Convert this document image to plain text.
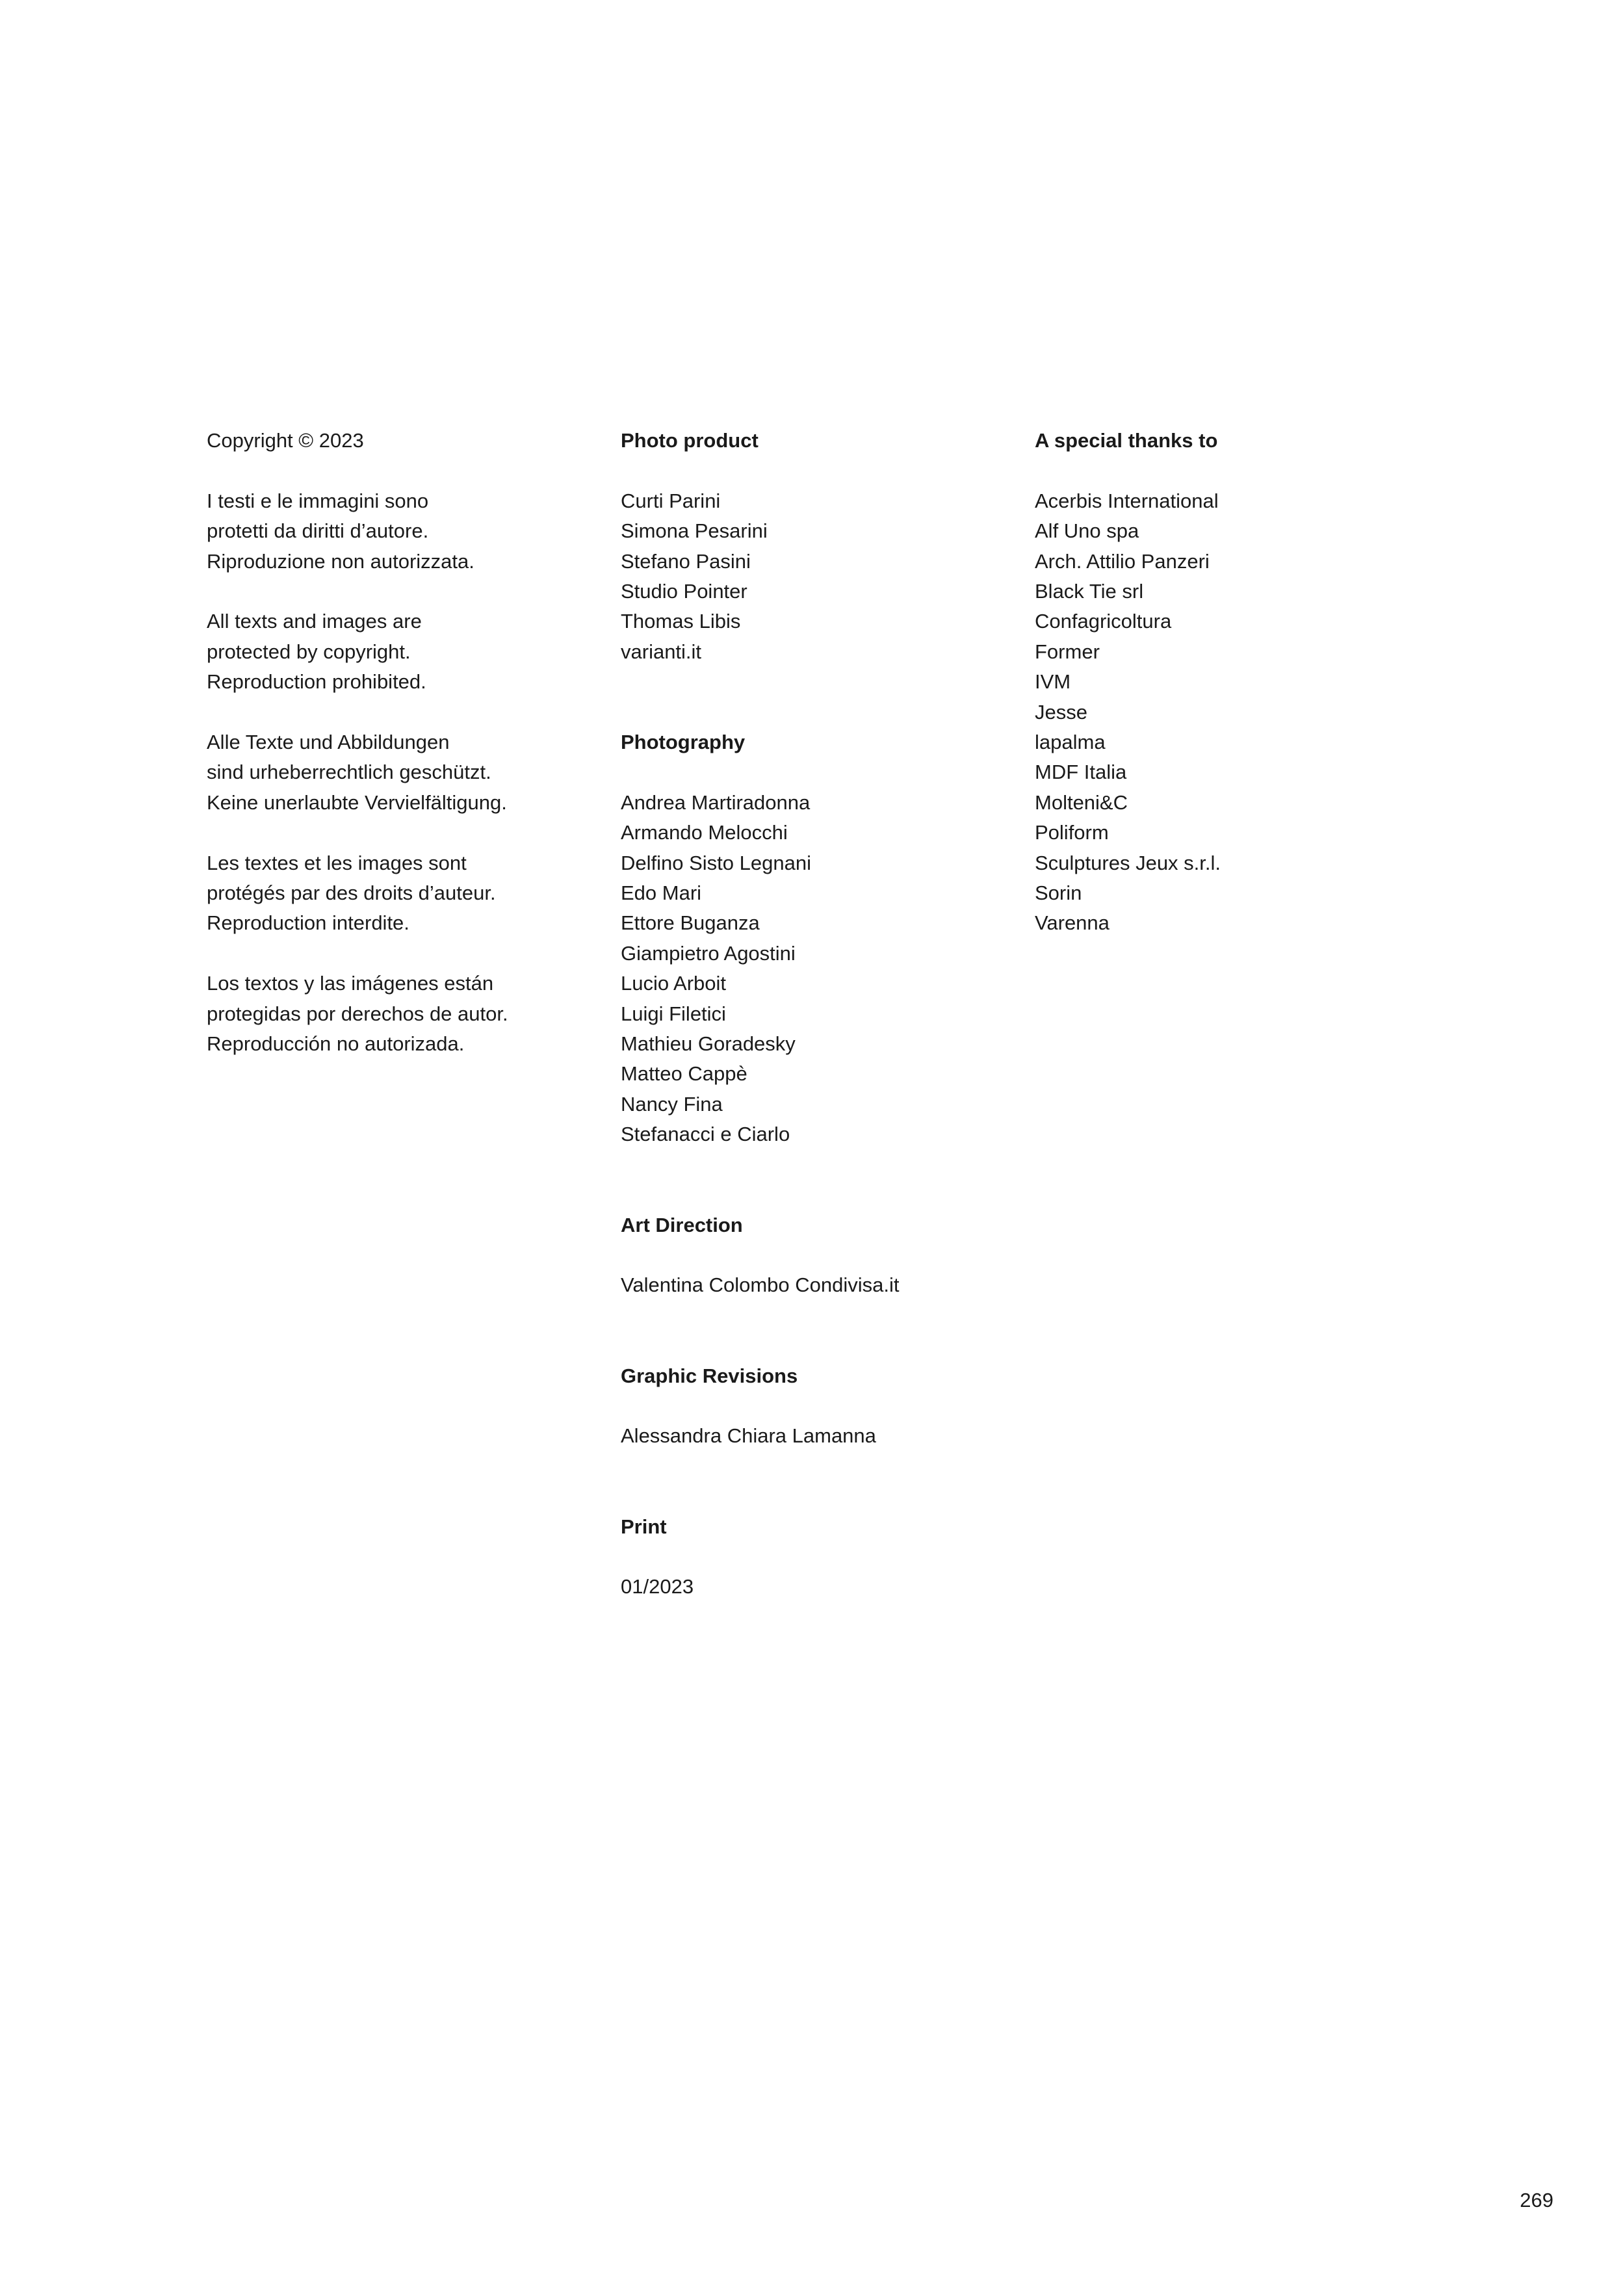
Copyright © 2023

I testi e le immagini sono

protetti da diritti d’autore.

Riproduzione non autorizzata.

All texts and images are

protected by copyright.

Reproduction prohibited.

Alle Texte und Abbildungen

sind urheberrechtlich geschützt.

Keine unerlaubte Vervielfältigung.

Les textes et les images sont

protégés par des droits d’auteur.

Reproduction interdite.

Los textos y las imágenes están

protegidas por derechos de autor.

Reproducción no autorizada.

Photo product

Curti Parini

Simona Pesarini

Stefano Pasini

Studio Pointer

Thomas Libis

varianti.it

Photography

Andrea Martiradonna

Armando Melocchi

Delfino Sisto Legnani

Edo Mari

Ettore Buganza

Giampietro Agostini

Lucio Arboit

Luigi Filetici

Mathieu Goradesky

Matteo Cappè

Nancy Fina

Stefanacci e Ciarlo

Art Direction

Valentina Colombo Condivisa.it

Graphic Revisions

Alessandra Chiara Lamanna

Print

01/2023

A special thanks to

Acerbis International

Alf Uno spa

Arch. Attilio Panzeri

Black Tie srl

Confagricoltura

Former

IVM

Jesse

lapalma

MDF Italia

Molteni&C

Poliform

Sculptures Jeux s.r.l.

Sorin

Varenna

269
